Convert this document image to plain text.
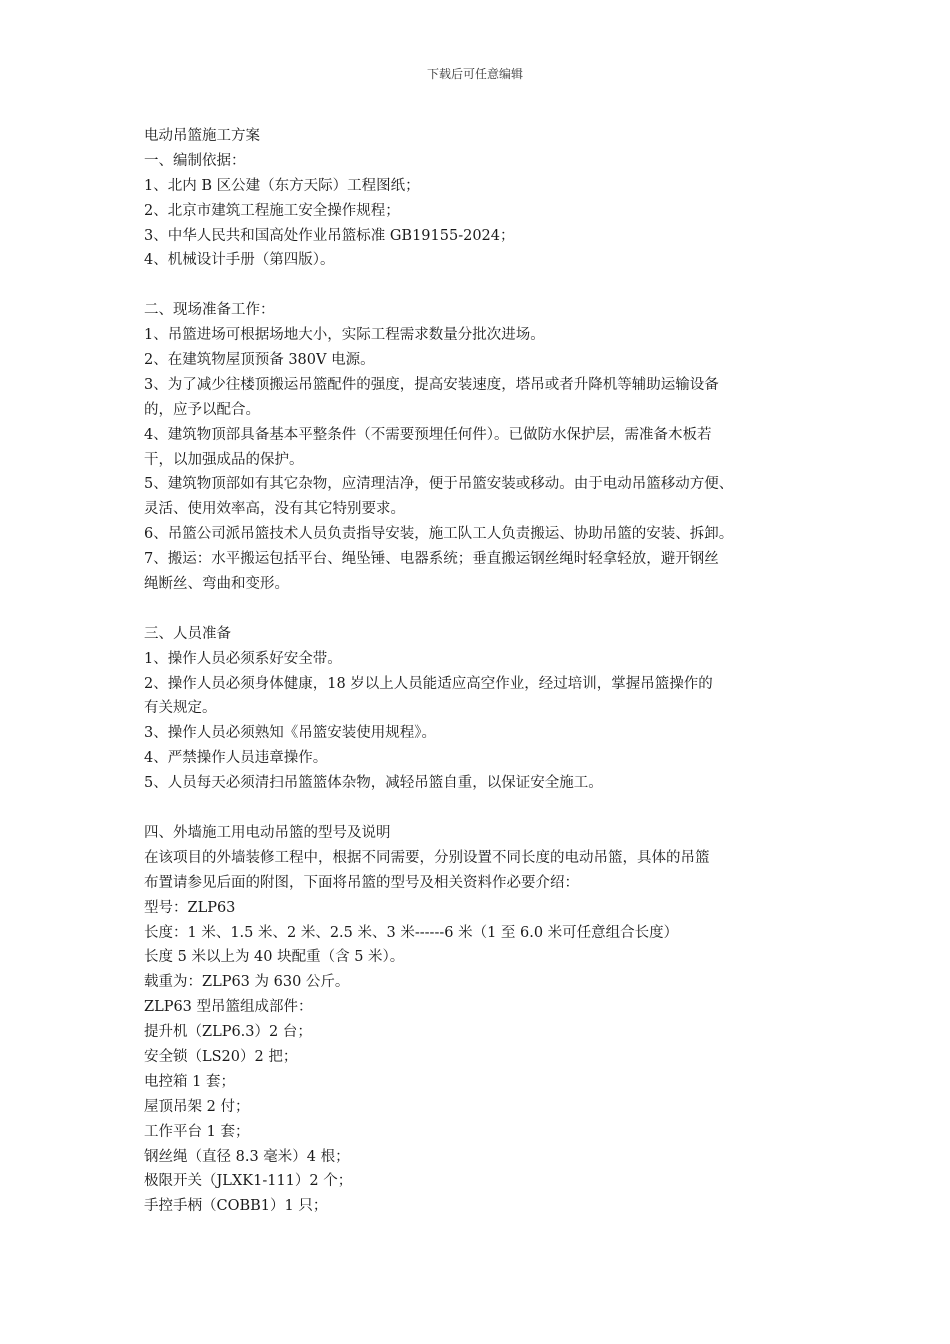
下载后可任意编辑
电动吊篮施工方案
一、编制依据：
1、北内 B 区公建（东方天际）工程图纸；
2、北京市建筑工程施工安全操作规程；
3、中华人民共和国高处作业吊篮标准 GB19155-2024；
4、机械设计手册（第四版）。
二、现场准备工作：
1、吊篮进场可根据场地大小，实际工程需求数量分批次进场。
2、在建筑物屋顶预备 380V 电源。
3、为了减少往楼顶搬运吊篮配件的强度，提高安装速度，塔吊或者升降机等辅助运输设备
的，应予以配合。
4、建筑物顶部具备基本平整条件（不需要预埋任何件）。已做防水保护层，需准备木板若
干，以加强成品的保护。
5、建筑物顶部如有其它杂物，应清理洁净，便于吊篮安装或移动。由于电动吊篮移动方便、
灵活、使用效率高，没有其它特别要求。
6、吊篮公司派吊篮技术人员负责指导安装，施工队工人负责搬运、协助吊篮的安装、拆卸。
7、搬运：水平搬运包括平台、绳坠锤、电器系统；垂直搬运钢丝绳时轻拿轻放，避开钢丝
绳断丝、弯曲和变形。
三、人员准备
1、操作人员必须系好安全带。
2、操作人员必须身体健康，18 岁以上人员能适应高空作业，经过培训，掌握吊篮操作的
有关规定。
3、操作人员必须熟知《吊篮安装使用规程》。
4、严禁操作人员违章操作。
5、人员每天必须清扫吊篮篮体杂物，减轻吊篮自重，以保证安全施工。
四、外墙施工用电动吊篮的型号及说明
在该项目的外墙装修工程中，根据不同需要，分别设置不同长度的电动吊篮，具体的吊篮
布置请参见后面的附图，下面将吊篮的型号及相关资料作必要介绍：
型号：ZLP63
长度：1 米、1.5 米、2 米、2.5 米、3 米------6 米（1 至 6.0 米可任意组合长度）
长度 5 米以上为 40 块配重（含 5 米）。
载重为：ZLP63 为 630 公斤。
ZLP63 型吊篮组成部件：
提升机（ZLP6.3）2 台；
安全锁（LS20）2 把；
电控箱 1 套；
屋顶吊架 2 付；
工作平台 1 套；
钢丝绳（直径 8.3 毫米）4 根；
极限开关（JLXK1-111）2 个；
手控手柄（COBB1）1 只；
